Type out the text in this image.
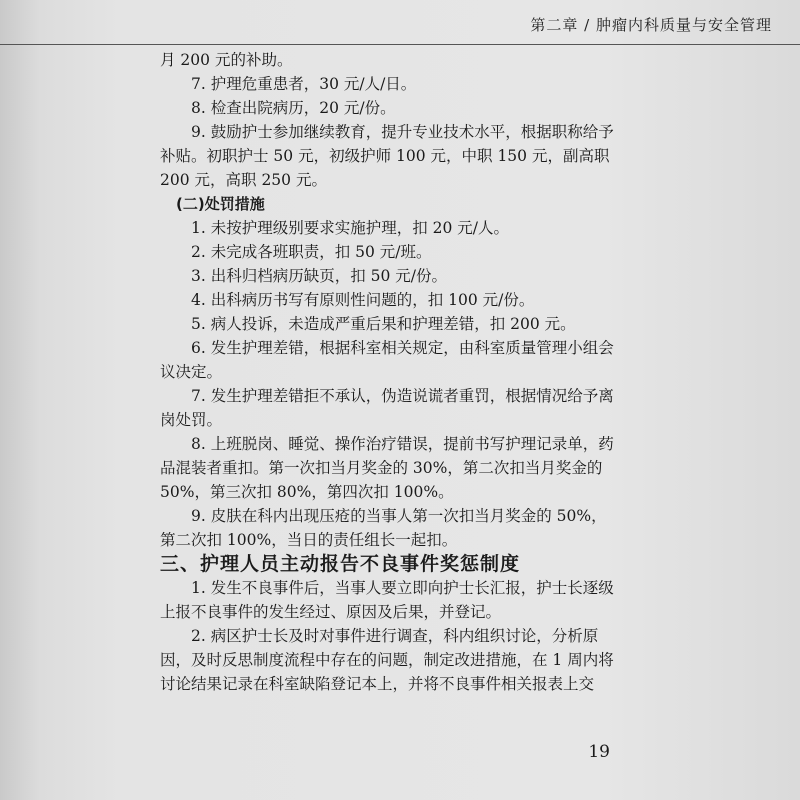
第二章 / 肿瘤内科质量与安全管理

月 200 元的补助。

7. 护理危重患者，30 元/人/日。

8. 检查出院病历，20 元/份。

9. 鼓励护士参加继续教育，提升专业技术水平，根据职称给予补贴。初职护士 50 元，初级护师 100 元，中职 150 元，副高职 200 元，高职 250 元。

(二)处罚措施

1. 未按护理级别要求实施护理，扣 20 元/人。

2. 未完成各班职责，扣 50 元/班。

3. 出科归档病历缺页，扣 50 元/份。

4. 出科病历书写有原则性问题的，扣 100 元/份。

5. 病人投诉，未造成严重后果和护理差错，扣 200 元。

6. 发生护理差错，根据科室相关规定，由科室质量管理小组会议决定。

7. 发生护理差错拒不承认，伪造说谎者重罚，根据情况给予离岗处罚。

8. 上班脱岗、睡觉、操作治疗错误，提前书写护理记录单，药品混装者重扣。第一次扣当月奖金的 30%，第二次扣当月奖金的 50%，第三次扣 80%，第四次扣 100%。

9. 皮肤在科内出现压疮的当事人第一次扣当月奖金的 50%，第二次扣 100%，当日的责任组长一起扣。

三、护理人员主动报告不良事件奖惩制度

1. 发生不良事件后，当事人要立即向护士长汇报，护士长逐级上报不良事件的发生经过、原因及后果，并登记。

2. 病区护士长及时对事件进行调查，科内组织讨论，分析原因，及时反思制度流程中存在的问题，制定改进措施，在 1 周内将讨论结果记录在科室缺陷登记本上，并将不良事件相关报表上交

19
